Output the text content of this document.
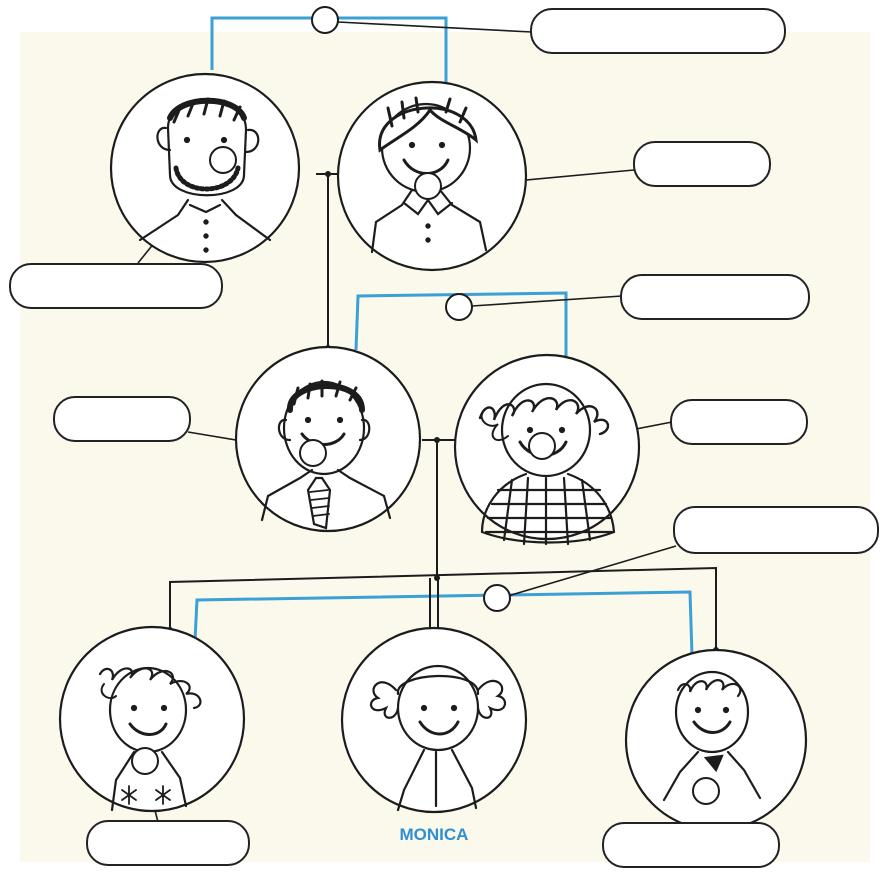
MONICA
